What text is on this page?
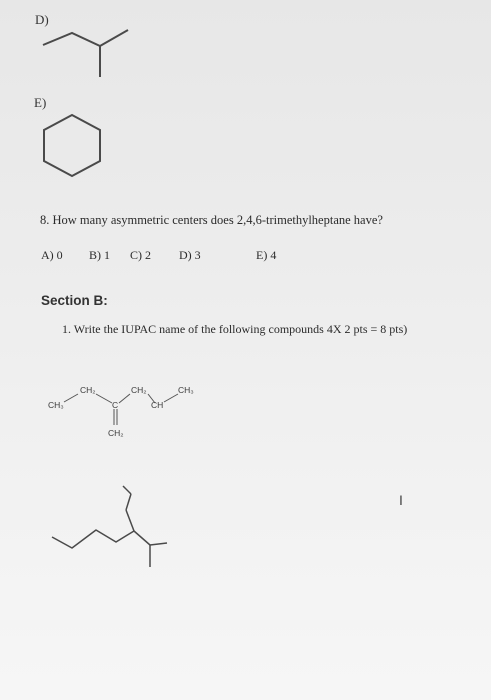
D)
E)
8. How many asymmetric centers does 2,4,6-trimethylheptane have?
A) 0 B) 1 C) 2 D) 3	E) 4
Section B:
1. Write the IUPAC name of the following compounds 4X 2 pts = 8 pts)
CH₃
CH₂
C
CH₂
CH
CH₃
CH₂
I
